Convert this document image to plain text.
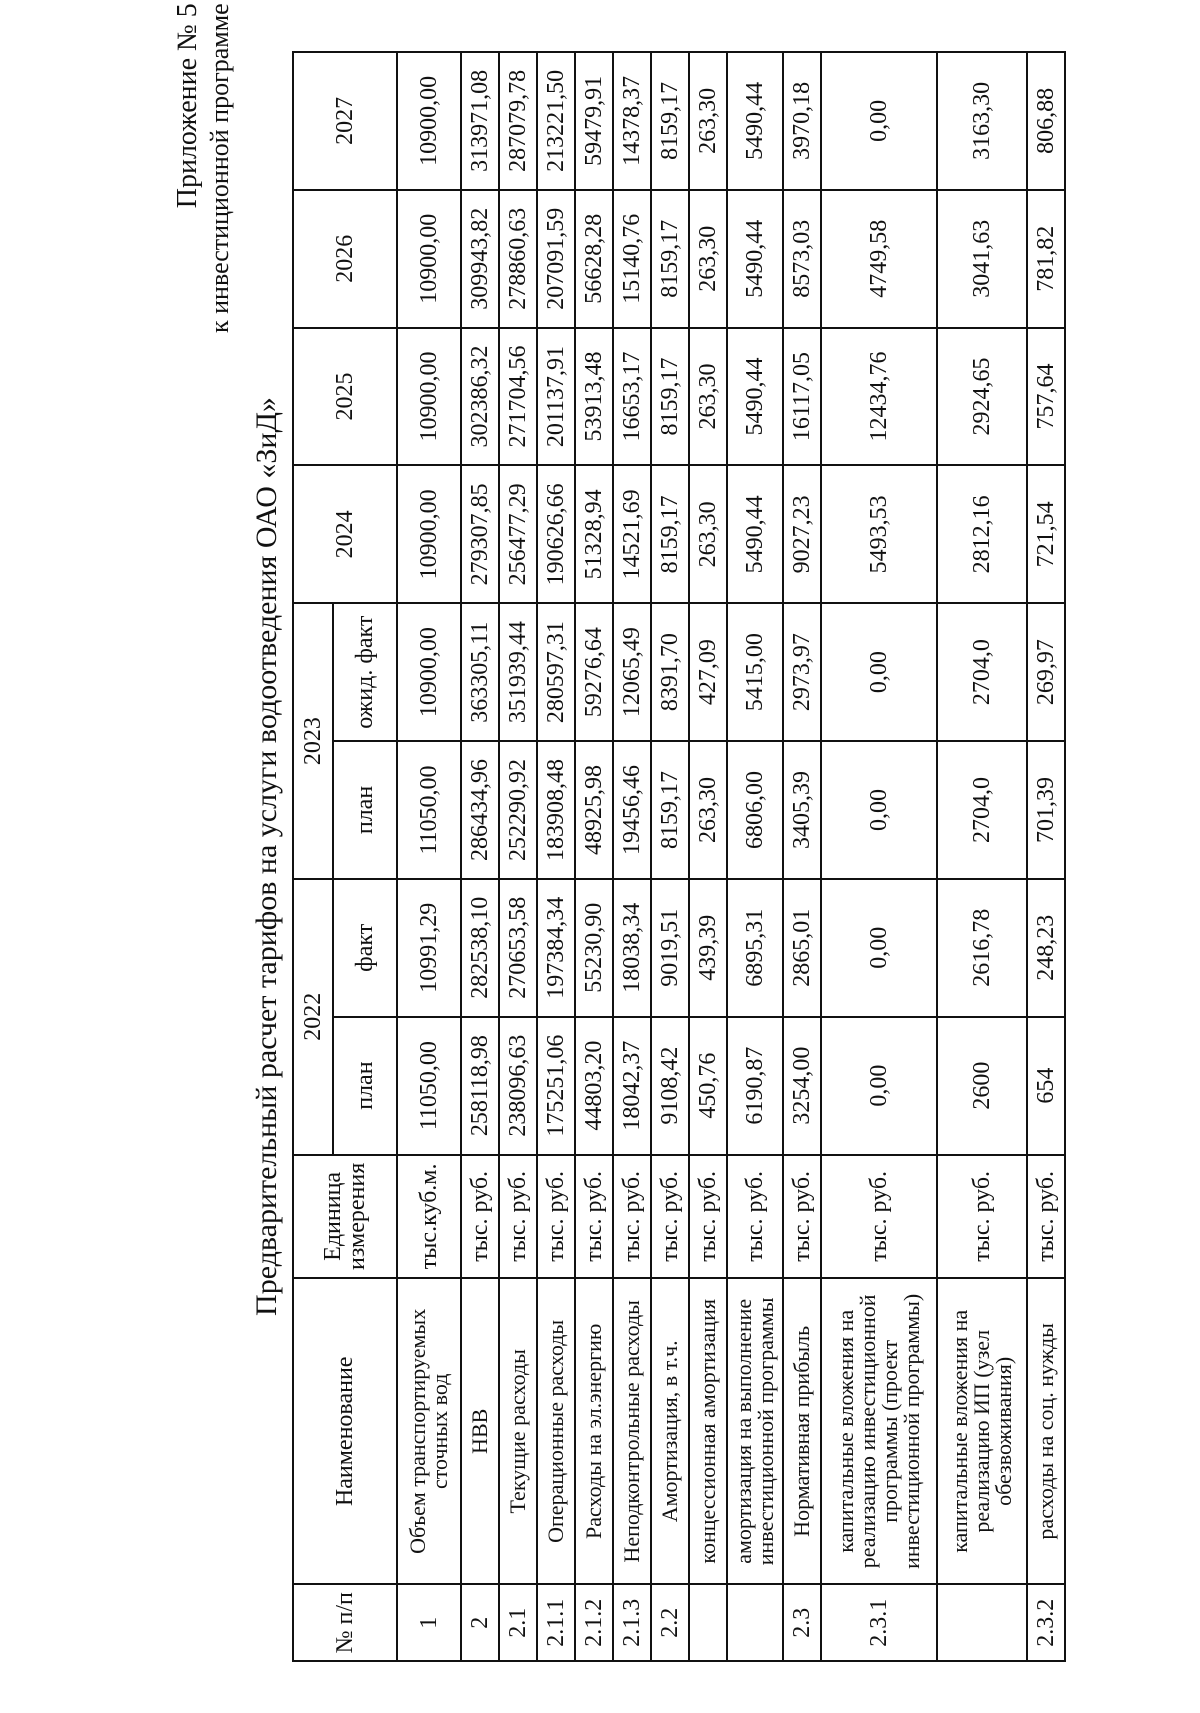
Приложение № 5 к инвестиционной программе
Предварительный расчет тарифов на услуги водоотведения ОАО «ЗиД»
№ п/п	Наименование	Единица измерения	2022		2023		2024	2025	2026	2027
			план	факт	план	ожид. факт				
1	Объем транспортируемых сточных вод	тыс.куб.м.	11050,00	10991,29	11050,00	10900,00	10900,00	10900,00	10900,00	10900,00
2	НВВ	тыс. руб.	258118,98	282538,10	286434,96	363305,11	279307,85	302386,32	309943,82	313971,08
2.1	Текущие расходы	тыс. руб.	238096,63	270653,58	252290,92	351939,44	256477,29	271704,56	278860,63	287079,78
2.1.1	Операционные расходы	тыс. руб.	175251,06	197384,34	183908,48	280597,31	190626,66	201137,91	207091,59	213221,50
2.1.2	Расходы на эл.энергию	тыс. руб.	44803,20	55230,90	48925,98	59276,64	51328,94	53913,48	56628,28	59479,91
2.1.3	Неподконтрольные расходы	тыс. руб.	18042,37	18038,34	19456,46	12065,49	14521,69	16653,17	15140,76	14378,37
2.2	Амортизация, в т.ч.	тыс. руб.	9108,42	9019,51	8159,17	8391,70	8159,17	8159,17	8159,17	8159,17
	концессионная амортизация	тыс. руб.	450,76	439,39	263,30	427,09	263,30	263,30	263,30	263,30
	амортизация на выполнение инвестиционной программы	тыс. руб.	6190,87	6895,31	6806,00	5415,00	5490,44	5490,44	5490,44	5490,44
2.3	Нормативная прибыль	тыс. руб.	3254,00	2865,01	3405,39	2973,97	9027,23	16117,05	8573,03	3970,18
2.3.1	капитальные вложения на реализацию инвестиционной программы (проект инвестиционной программы)	тыс. руб.	0,00	0,00	0,00	0,00	5493,53	12434,76	4749,58	0,00
	капитальные вложения на реализацию ИП (узел обезвоживания)	тыс. руб.	2600	2616,78	2704,0	2704,0	2812,16	2924,65	3041,63	3163,30
2.3.2	расходы на соц. нужды	тыс. руб.	654	248,23	701,39	269,97	721,54	757,64	781,82	806,88
